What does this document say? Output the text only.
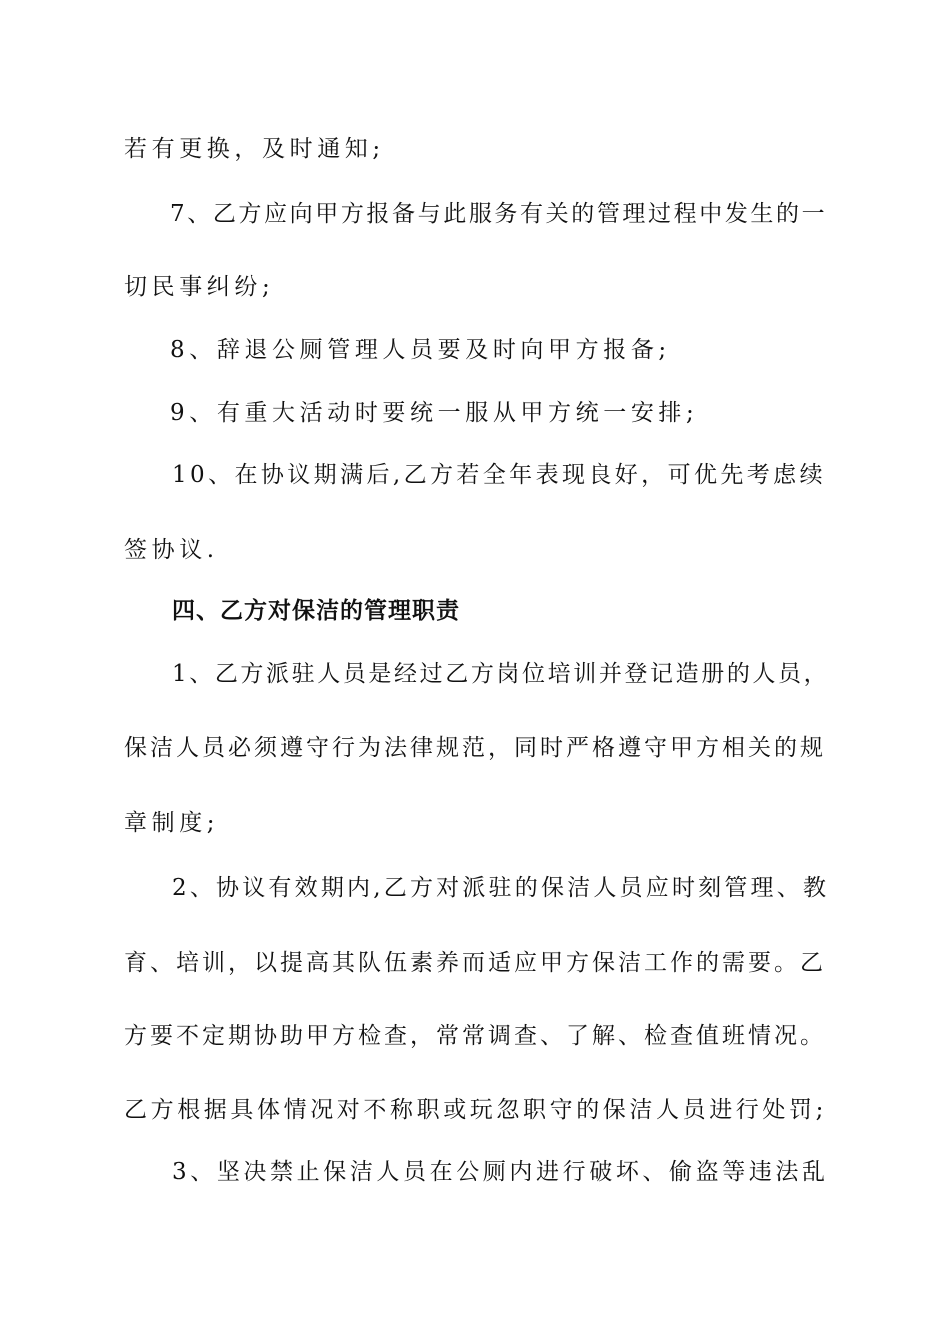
若有更换，及时通知;
7、乙方应向甲方报备与此服务有关的管理过程中发生的一
切民事纠纷;
8、辞退公厕管理人员要及时向甲方报备;
9、有重大活动时要统一服从甲方统一安排;
10、在协议期满后,乙方若全年表现良好，可优先考虑续
签协议.
四、乙方对保洁的管理职责
1、乙方派驻人员是经过乙方岗位培训并登记造册的人员，
保洁人员必须遵守行为法律规范，同时严格遵守甲方相关的规
章制度;
2、协议有效期内,乙方对派驻的保洁人员应时刻管理、教
育、培训，以提高其队伍素养而适应甲方保洁工作的需要。乙
方要不定期协助甲方检查，常常调查、了解、检查值班情况。
乙方根据具体情况对不称职或玩忽职守的保洁人员进行处罚;
3、坚决禁止保洁人员在公厕内进行破坏、偷盗等违法乱
